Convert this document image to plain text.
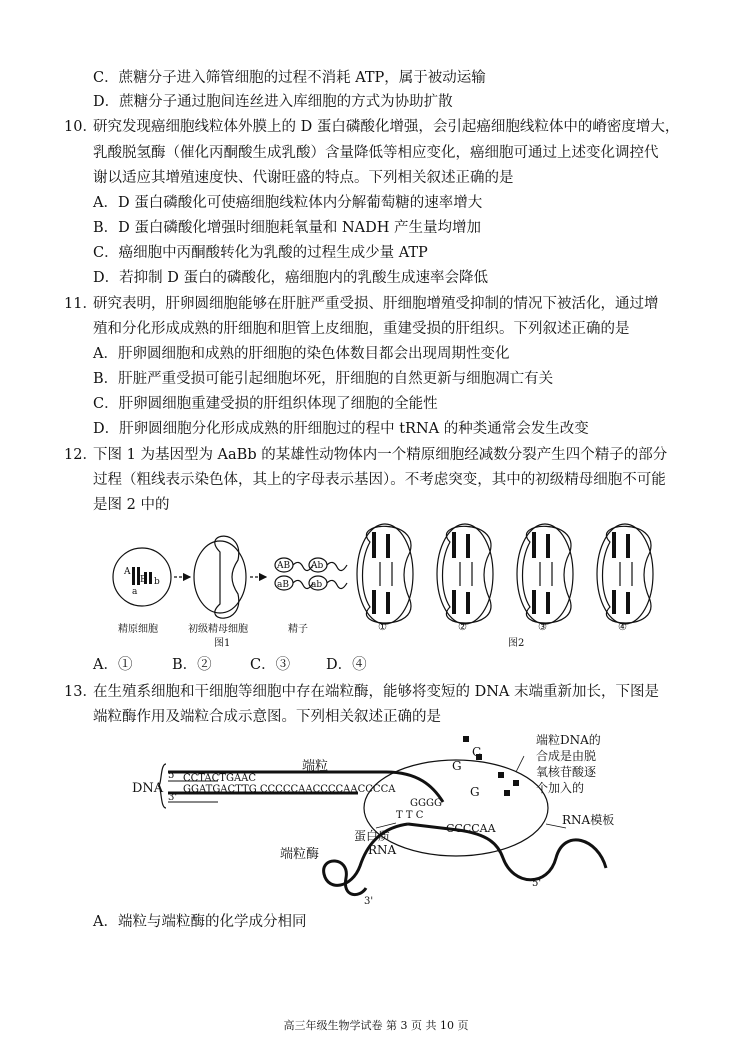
C．蔗糖分子进入筛管细胞的过程不消耗 ATP，属于被动运输
D．蔗糖分子通过胞间连丝进入库细胞的方式为协助扩散
10．
研究发现癌细胞线粒体外膜上的 D 蛋白磷酸化增强，会引起癌细胞线粒体中的嵴密度增大，
乳酸脱氢酶（催化丙酮酸生成乳酸）含量降低等相应变化，癌细胞可通过上述变化调控代
谢以适应其增殖速度快、代谢旺盛的特点。下列相关叙述正确的是
A．D 蛋白磷酸化可使癌细胞线粒体内分解葡萄糖的速率增大
B．D 蛋白磷酸化增强时细胞耗氧量和 NADH 产生量均增加
C．癌细胞中丙酮酸转化为乳酸的过程生成少量 ATP
D．若抑制 D 蛋白的磷酸化，癌细胞内的乳酸生成速率会降低
11．
研究表明，肝卵圆细胞能够在肝脏严重受损、肝细胞增殖受抑制的情况下被活化，通过增
殖和分化形成成熟的肝细胞和胆管上皮细胞，重建受损的肝组织。下列叙述正确的是
A．肝卵圆细胞和成熟的肝细胞的染色体数目都会出现周期性变化
B．肝脏严重受损可能引起细胞坏死，肝细胞的自然更新与细胞凋亡有关
C．肝卵圆细胞重建受损的肝组织体现了细胞的全能性
D．肝卵圆细胞分化形成成熟的肝细胞过的程中 tRNA 的种类通常会发生改变
12．
下图 1 为基因型为 AaBb 的某雄性动物体内一个精原细胞经减数分裂产生四个精子的部分
过程（粗线表示染色体，其上的字母表示基因）。不考虑突变，其中的初级精母细胞不可能
是图 2 中的
A
a
B b
AB
aB
Ab
ab
精原细胞	初级精母细胞	精子
图1
①	②	③	④
图2
A．①	B．②	C．③ D．④
13．
在生殖系细胞和干细胞等细胞中存在端粒酶，能够将变短的 DNA 末端重新加长，下图是
端粒酶作用及端粒合成示意图。下列相关叙述正确的是
端粒
DNA
5'
3'
CCTACTGAAC
GGATGACTTG CCCCCAACCCCAACCCCA
GGGG
T T C
G
C
G
CCCCAA
端粒DNA的
合成是由脱
氧核苷酸逐
个加入的
RNA模板
蛋白质
RNA
端粒酶
3'
5'
A．端粒与端粒酶的化学成分相同
高三年级生物学试卷 第 3 页 共 10 页
